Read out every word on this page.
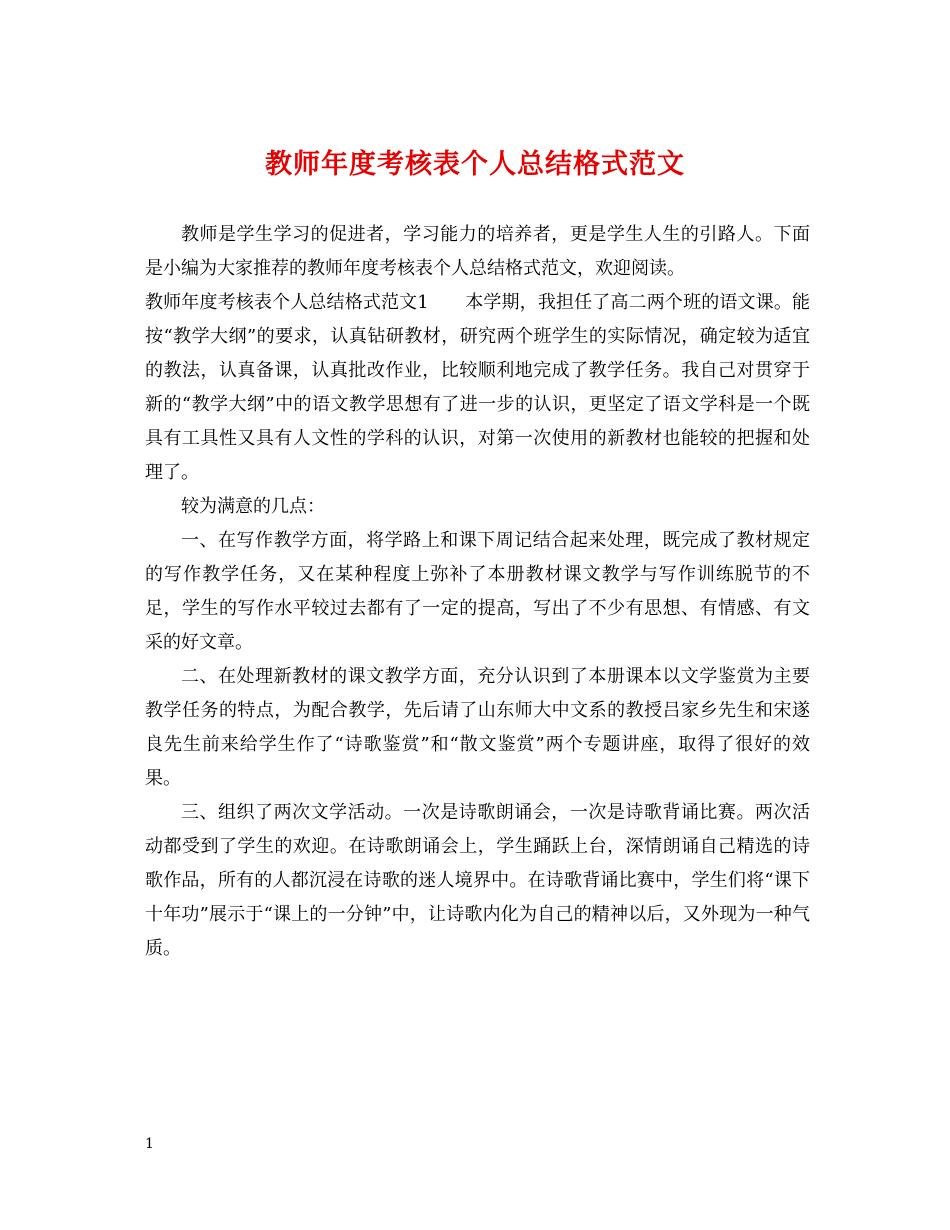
教师年度考核表个人总结格式范文

教师是学生学习的促进者，学习能力的培养者，更是学生人生的引路人。下面是小编为大家推荐的教师年度考核表个人总结格式范文，欢迎阅读。

教师年度考核表个人总结格式范文1　　本学期，我担任了高二两个班的语文课。能按“教学大纲”的要求，认真钻研教材，研究两个班学生的实际情况，确定较为适宜的教法，认真备课，认真批改作业，比较顺利地完成了教学任务。我自己对贯穿于新的“教学大纲”中的语文教学思想有了进一步的认识，更坚定了语文学科是一个既具有工具性又具有人文性的学科的认识，对第一次使用的新教材也能较的把握和处理了。

较为满意的几点：

一、在写作教学方面，将学路上和课下周记结合起来处理，既完成了教材规定的写作教学任务，又在某种程度上弥补了本册教材课文教学与写作训练脱节的不足，学生的写作水平较过去都有了一定的提高，写出了不少有思想、有情感、有文采的好文章。

二、在处理新教材的课文教学方面，充分认识到了本册课本以文学鉴赏为主要教学任务的特点，为配合教学，先后请了山东师大中文系的教授吕家乡先生和宋遂良先生前来给学生作了“诗歌鉴赏”和“散文鉴赏”两个专题讲座，取得了很好的效果。

三、组织了两次文学活动。一次是诗歌朗诵会，一次是诗歌背诵比赛。两次活动都受到了学生的欢迎。在诗歌朗诵会上，学生踊跃上台，深情朗诵自己精选的诗歌作品，所有的人都沉浸在诗歌的迷人境界中。在诗歌背诵比赛中，学生们将“课下十年功”展示于“课上的一分钟”中，让诗歌内化为自己的精神以后，又外现为一种气质。

1
